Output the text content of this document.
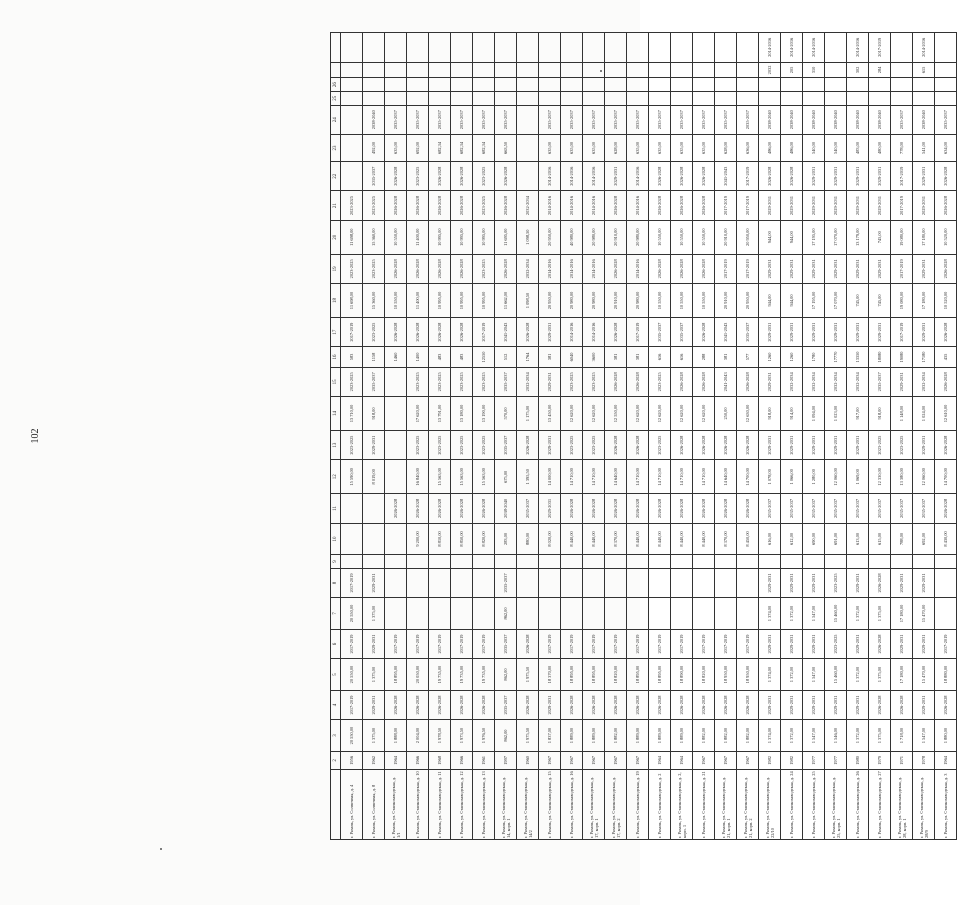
102
	2	3	4	5	6	7	8	9	10	11	12	13	14	15	16	17	18	19	20	21	22	23	24	25	26		
г. Рязань, ул. Солнечная, д. 4	1956	20 550,00	2017-2019	20 550,00	2017-2019	20 550,00	2017-2019				15 590,00	2023-2025	13 710,00	2023-2025	583	2017-2019	11 698,00	2023-2025	11 698,00	2023-2025							
г. Рязань, ул. Солнечная, д. 8	1962	1 375,00	2029-2031	1 375,00	2029-2031	1 375,00	2029-2031				8 019,00	2029-2031	918,00	2035-2037	1158	2023-2025	15 360,00	2023-2025	15 360,00	2023-2025	2035-2037	492,00	2038-2040				
г. Рязань, ул. Станкозаводская, д. 1/1	1964	1 888,00	2026-2028	18 895,00	2017-2019					2026-2028					1460	2026-2028	10 550,00	2026-2028	10 550,00	2026-2028	2026-2028	635,00	2035-2037				
г. Рязань, ул. Станкозаводская, д. 10	1966	2 004,00	2026-2028	20 050,00	2017-2019				9 200,00	2026-2028	16 840,00	2023-2025	17 620,00	2023-2025	1400	2026-2028	11 400,00	2026-2028	11 400,00	2026-2028	2023-2025	692,00	2035-2037				
г. Рязань, ул. Станкозаводская, д. 11	1968	1 978,50	2026-2028	19 735,00	2017-2019				8 810,00	2026-2028	15 563,00	2023-2025	13 791,00	2023-2025	483	2026-2028	10 995,00	2026-2028	10 995,00	2026-2028	2026-2028	682,34	2035-2037				
г. Рязань, ул. Станкозаводская, д. 12	1966	1 973,50	2026-2028	19 735,00	2017-2019				8 850,00	2026-2028	15 563,00	2023-2025	13 180,00	2023-2025	483	2026-2028	10 995,00	2026-2028	10 995,00	2026-2028	2026-2028	682,34	2035-2037				
г. Рязань, ул. Станкозаводская, д. 13	1961	1 976,50	2026-2028	19 735,00	2017-2019				8 820,00	2026-2028	15 563,00	2023-2025	13 190,00	2023-2025	12550	2017-2019	10 995,00	2023-2025	10 995,00	2023-2025	2023-2025	682,34	2035-2037				
г. Рязань, ул. Станкозаводская, д. 14, корп. 1	1997	862,00	2035-2037	862,00	2035-2037	862,00	2035-2037		283,00	2038-2040	675,00	2035-2037	570,00	2035-2037	512	2041-2043	11 662,00	2026-2028	11 695,00	2026-2028	2026-2028	663,50	2035-2037				
г. Рязань, ул. Станкозаводская, д. 14/2	1960	1 975,50	2026-2028	1 975,50	2026-2028				880,00	2035-2037	1 395,50	2026-2028	1 175,00	2032-2034	1764	2026-2028	1 098,50	2032-2034	1 098,50	2032-2034							
г. Рязань, ул. Станкозаводская, д. 15	1967	1 837,00	2029-2031	18 370,00	2017-2019				8 020,00	2029-2031	14 000,00	2029-2031	13 450,00	2029-2031	381	2029-2031	20 950,00	2014-2016	20 950,00	2014-2016	2014-2016	635,00	2035-2037				
г. Рязань, ул. Станкозаводская, д. 16	1967	1 889,00	2026-2028	18 895,00	2017-2019				8 440,00	2026-2028	14 710,00	2023-2025	12 620,00	2023-2025	6040	2014-2016	20 980,00	2014-2016	40 980,00	2014-2016	2014-2016	635,00	2035-2037				
г. Рязань, ул. Станкозаводская, д. 17, корп. 1	1967	1 889,00	2026-2028	18 895,00	2017-2019				8 440,00	2026-2028	14 710,00	2023-2025	12 620,00	2023-2025	3600	2014-2016	20 980,00	2014-2016	20 980,00	2014-2016	2014-2016	635,00	2035-2037				
г. Рязань, ул. Станкозаводская, д. 17, корп. 2	1967	1 882,00	2026-2028	18 820,00	2017-2019				8 370,00	2026-2028	14 640,00	2026-2028	12 550,00	2026-2028	381	2026-2028	20 910,00	2026-2028	20 910,00	2026-2028	2029-2031	628,00	2035-2037				
г. Рязань, ул. Станкозаводская, д. 19	1967	1 889,00	2026-2028	18 895,00	2017-2019				8 440,00	2026-2028	14 710,00	2026-2028	12 620,00	2026-2028	381	2017-2019	20 980,00	2014-2016	20 980,00	2014-2016	2014-2016	635,00	2035-2037				
г. Рязань, ул. Станкозаводская, д. 2	1964	1 889,00	2026-2028	18 895,00	2017-2019				8 440,00	2026-2028	14 710,00	2023-2025	12 620,00	2023-2025	616	2035-2037	10 550,00	2026-2028	10 550,00	2026-2028	2026-2028	635,00	2035-2037				
г. Рязань, ул. Станкозаводская, д. 2, корп. 1	1964	1 889,00	2026-2028	18 890,00	2017-2019				8 440,00	2026-2028	14 710,00	2026-2028	12 620,00	2026-2028	616	2035-2037	10 550,00	2026-2028	10 550,00	2026-2028	2026-2028	635,00	2035-2037				
г. Рязань, ул. Станкозаводская, д. 21	1967	1 882,00	2026-2028	18 820,00	2017-2019				8 440,00	2026-2028	14 710,00	2026-2028	12 620,00	2026-2028	288	2026-2028	10 550,00	2026-2028	10 550,00	2026-2028	2026-2028	635,00	2035-2037				
г. Рязань, ул. Станкозаводская, д. 21, корп. 1	1967	1 882,00	2026-2028	18 950,00	2017-2019				8 370,00	2026-2028	14 640,00	2026-2028	250,00	2041-2043	381	2041-2043	20 910,00	2017-2019	20 910,00	2017-2019	2041-2043	628,00	2035-2037				
г. Рязань, ул. Станкозаводская, д. 21, корп. 2	1967	1 882,00	2026-2028	18 950,00	2017-2019				8 450,00	2026-2028	14 700,00	2026-2028	12 630,00	2026-2028	577	2035-2037	20 950,00	2017-2019	20 950,00	2017-2019	2017-2019	636,00	2035-2037				
г. Рязань, ул. Станкозаводская, д. 22/10	1982	1 374,00	2029-2031	1 374,00	2029-2031	1 374,00	2029-2031		616,00	2035-2037	1 078,00	2029-2031	918,00	2029-2031	1260	2029-2031	944,00	2029-2031	944,00	2029-2031	2026-2028	486,00	2038-2040			2032	2014-2016
г. Рязань, ул. Станкозаводская, д. 24	1982	1 372,00	2029-2031	1 372,00	2029-2031	1 372,00	2029-2031		612,00	2035-2037	1 066,00	2029-2031	914,00	2032-2034	1260	2029-2031	944,00	2029-2031	944,00	2029-2031	2026-2028	486,00	2038-2040			205	2014-2016
г. Рязань, ул. Станкозаводская, д. 25	1977	1 547,00	2029-2031	1 547,00	2029-2031	1 547,00	2029-2031		690,00	2035-2037	1 280,00	2029-2031	1 094,00	2032-2034	1780	2029-2031	17 195,00	2029-2031	17 195,00	2029-2031	2029-2031	540,00	2038-2040			310	2014-2016
г. Рязань, ул. Станкозаводская, д. 25, корп. 1	1977	1 546,00	2029-2031	15 460,00	2023-2025	15 460,00	2023-2025		691,00	2035-2037	12 060,00	2029-2031	1 023,00	2032-2034	17770	2029-2031	17 070,00	2029-2031	17 070,00	2029-2031	2029-2031	540,00	2038-2040				
г. Рязань, ул. Станкозаводская, д. 26	1980	1 372,00	2029-2031	1 372,00	2029-2031	1 372,00	2029-2031		613,00	2035-2037	1 069,00	2029-2031	917,00	2032-2034	13350	2029-2031	745,00	2029-2031	13 179,00	2029-2031	2029-2031	483,00	2038-2040			302	2014-2016
г. Рязань, ул. Станкозаводская, д. 27	1979	1 375,00	2026-2028	1 375,00	2026-2028	1 375,00	2026-2028		615,00	2035-2037	12 330,00	2023-2025	918,00	2035-2037	18080	2029-2031	745,00	2029-2031	745,00	2029-2031	2029-2031	480,00	2038-2040			284	2017-2019
г. Рязань, ул. Станкозаводская, д. 28, корп. 1	1971	1 718,00	2026-2028	17 180,00	2029-2031	17 180,00	2029-2031		788,00	2035-2037	13 380,00	2023-2025	1 148,00	2029-2031	19080	2017-2019	19 080,00	2017-2019	19 080,00	2017-2019	2017-2019	778,00	2035-2037				
г. Рязань, ул. Станкозаводская, д. 28/9	1978	1 547,00	2029-2031	15 470,00	2029-2031	15 470,00	2029-2031		692,00	2035-2037	12 060,00	2029-2031	1 024,00	2032-2034	17180	2029-2031	17 180,00	2029-2031	17 180,00	2029-2031	2029-2031	541,00	2038-2040			615	2014-2016
г. Рязань, ул. Станкозаводская, д. 3	1964	1 880,00	2026-2028	18 880,00	2017-2019				8 430,00	2026-2028	14 700,00	2026-2028	12 610,00	2026-2028	435	2026-2028	10 520,00	2026-2028	10 520,00	2026-2028	2026-2028	634,00	2035-2037				
